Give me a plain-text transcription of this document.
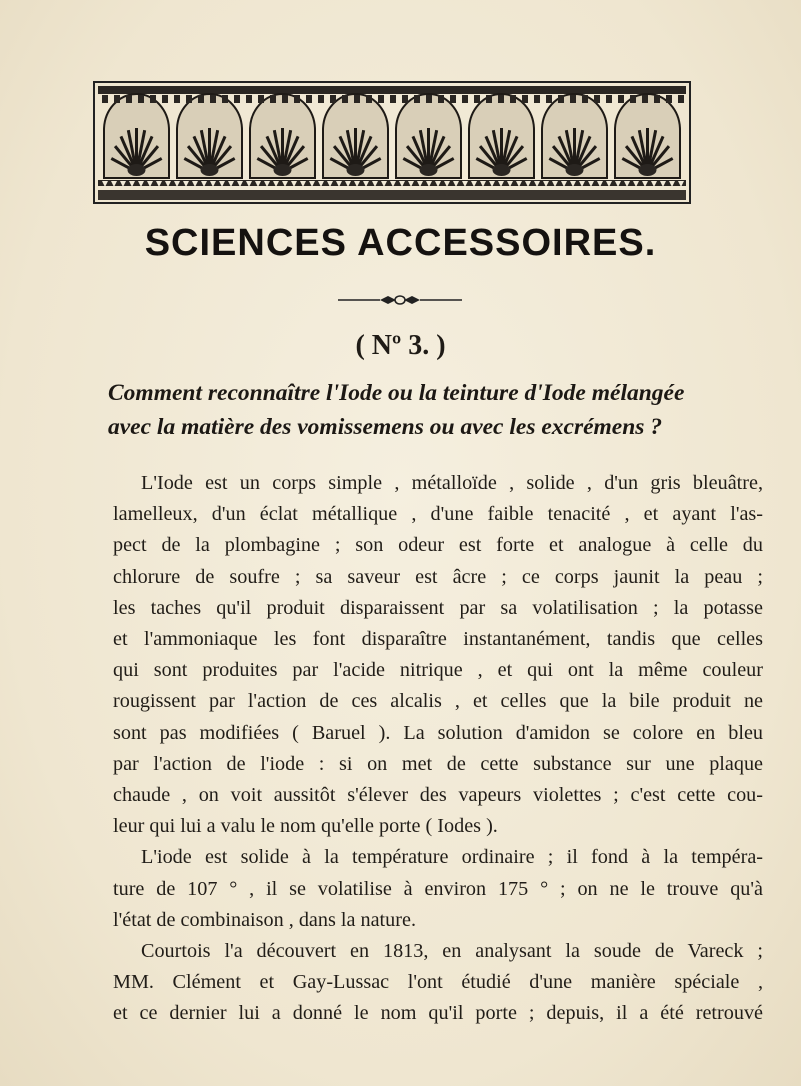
SCIENCES ACCESSOIRES.
( Nº 3. )
Comment reconnaître l'Iode ou la teinture d'Iode mélangée
avec la matière des vomissemens ou avec les excrémens ?
L'Iode est un corps simple , métalloïde , solide , d'un gris bleuâtre,
lamelleux, d'un éclat métallique , d'une faible tenacité , et ayant l'as-
pect de la plombagine ; son odeur est forte et analogue à celle du
chlorure de soufre ; sa saveur est âcre ; ce corps jaunit la peau ;
les taches qu'il produit disparaissent par sa volatilisation ; la potasse
et l'ammoniaque les font disparaître instantanément, tandis que celles
qui sont produites par l'acide nitrique , et qui ont la même couleur
rougissent par l'action de ces alcalis , et celles que la bile produit ne
sont pas modifiées ( Baruel ). La solution d'amidon se colore en bleu
par l'action de l'iode : si on met de cette substance sur une plaque
chaude , on voit aussitôt s'élever des vapeurs violettes ; c'est cette cou-
leur qui lui a valu le nom qu'elle porte ( Iodes ).
L'iode est solide à la température ordinaire ; il fond à la tempéra-
ture de 107 ° , il se volatilise à environ 175 ° ; on ne le trouve qu'à
l'état de combinaison , dans la nature.
Courtois l'a découvert en 1813, en analysant la soude de Vareck ;
MM. Clément et Gay-Lussac l'ont étudié d'une manière spéciale ,
et ce dernier lui a donné le nom qu'il porte ; depuis, il a été retrouvé
